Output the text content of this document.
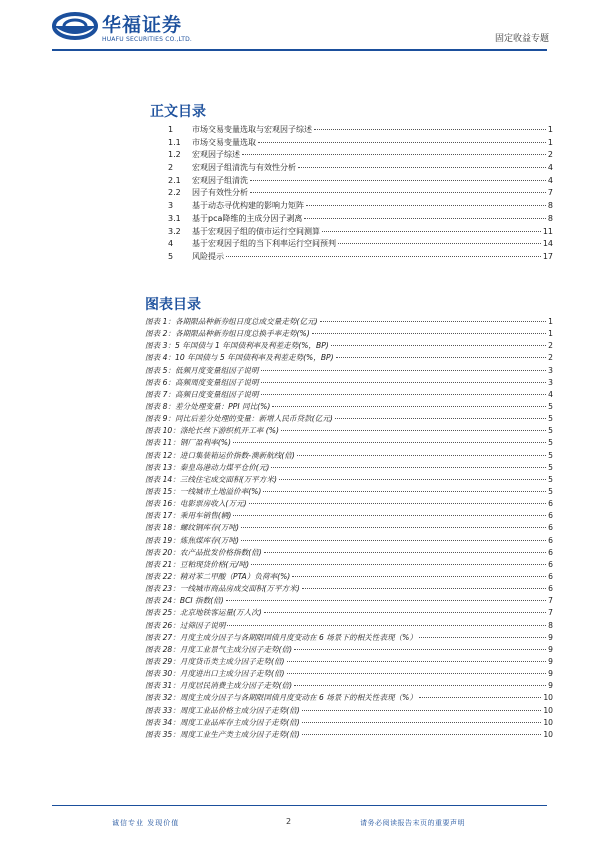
华福证券
HUAFU SECURITIES CO.,LTD.	固定收益专题
正文目录
1	市场交易变量选取与宏观因子综述	1
1.1	市场交易变量选取	1
1.2	宏观因子综述	2
2	宏观因子组清洗与有效性分析	4
2.1	宏观因子组清洗	4
2.2	因子有效性分析	7
3	基于动态寻优构建的影响力矩阵	8
3.1	基于pca降维的主成分因子剥离	8
3.2	基于宏观因子组的债市运行空间测算	11
4	基于宏观因子组的当下利率运行空间预判	14
5	风险提示	17
图表目录
图表 1：各期限品种新券组日度总成交量走势(亿元)	1
图表 2：各期限品种新券组日度总换手率走势(%)	1
图表 3：5 年国债与 1 年国债利率及利差走势(%，BP)	2
图表 4：10 年国债与 5 年国债利率及利差走势(%，BP)	2
图表 5：低频月度变量组因子说明	3
图表 6：高频周度变量组因子说明	3
图表 7：高频日度变量组因子说明	4
图表 8：差分处理变量：PPI 同比(%)	5
图表 9：同比后差分处理的变量：新增人民币贷款(亿元)	5
图表 10：涤纶长丝下游织机开工率 (%)	5
图表 11：钢厂盈利率(%)	5
图表 12：进口集装箱运价指数-澳新航线(倍)	5
图表 13：秦皇岛港动力煤平仓价(元)	5
图表 14：三线住宅成交面积(万平方米)	5
图表 15：一线城市土地溢价率(%)	5
图表 16：电影票房收入(万元)	6
图表 17：乘用车销售(辆)	6
图表 18：螺纹钢库存(万吨)	6
图表 19：炼焦煤库存(万吨)	6
图表 20：农产品批发价格指数(倍)	6
图表 21：豆粕现货价格(元/吨)	6
图表 22：精对苯二甲酸（PTA）负荷率(%)	6
图表 23：一线城市商品房成交面积(万平方米)	6
图表 24：BCI 指数(倍)	7
图表 25：北京地铁客运量(万人次)	7
图表 26：过筛因子说明	8
图表 27：月度主成分因子与各期限国债月度变动在 6 场景下的相关性表现（%）	9
图表 28：月度工业景气主成分因子走势(倍)	9
图表 29：月度货币类主成分因子走势(倍)	9
图表 30：月度进出口主成分因子走势(倍)	9
图表 31：月度居民消费主成分因子走势(倍)	9
图表 32：周度主成分因子与各期限国债月度变动在 6 场景下的相关性表现（%）	10
图表 33：周度工业品价格主成分因子走势(倍)	10
图表 34：周度工业品库存主成分因子走势(倍)	10
图表 35：周度工业生产类主成分因子走势(倍)	10
诚信专业 发现价值	2	请务必阅读报告末页的重要声明
